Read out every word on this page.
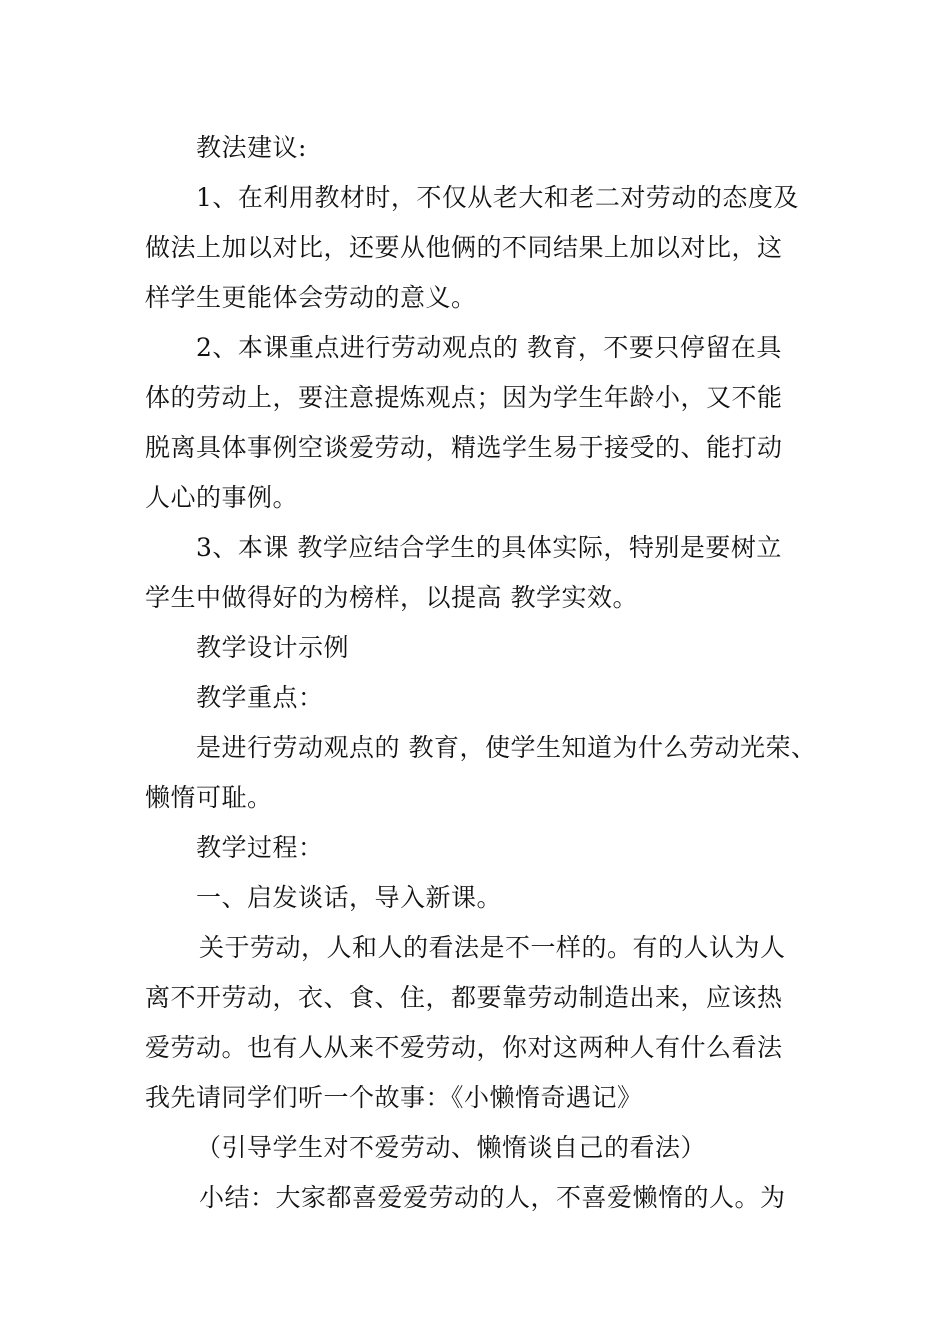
教法建议:
1、在利用教材时，不仅从老大和老二对劳动的态度及
做法上加以对比，还要从他俩的不同结果上加以对比，这
样学生更能体会劳动的意义。
2、本课重点进行劳动观点的 教育，不要只停留在具
体的劳动上，要注意提炼观点；因为学生年龄小，又不能
脱离具体事例空谈爱劳动，精选学生易于接受的、能打动
人心的事例。
3、本课 教学应结合学生的具体实际，特别是要树立
学生中做得好的为榜样，以提高 教学实效。
教学设计示例
教学重点：
是进行劳动观点的 教育，使学生知道为什么劳动光荣、
懒惰可耻。
教学过程：
一、启发谈话，导入新课。
关于劳动，人和人的看法是不一样的。有的人认为人
离不开劳动，衣、食、住，都要靠劳动制造出来，应该热
爱劳动。也有人从来不爱劳动，你对这两种人有什么看法
我先请同学们听一个故事：《小懒惰奇遇记》
（引导学生对不爱劳动、懒惰谈自己的看法）
小结：大家都喜爱爱劳动的人，不喜爱懒惰的人。为
